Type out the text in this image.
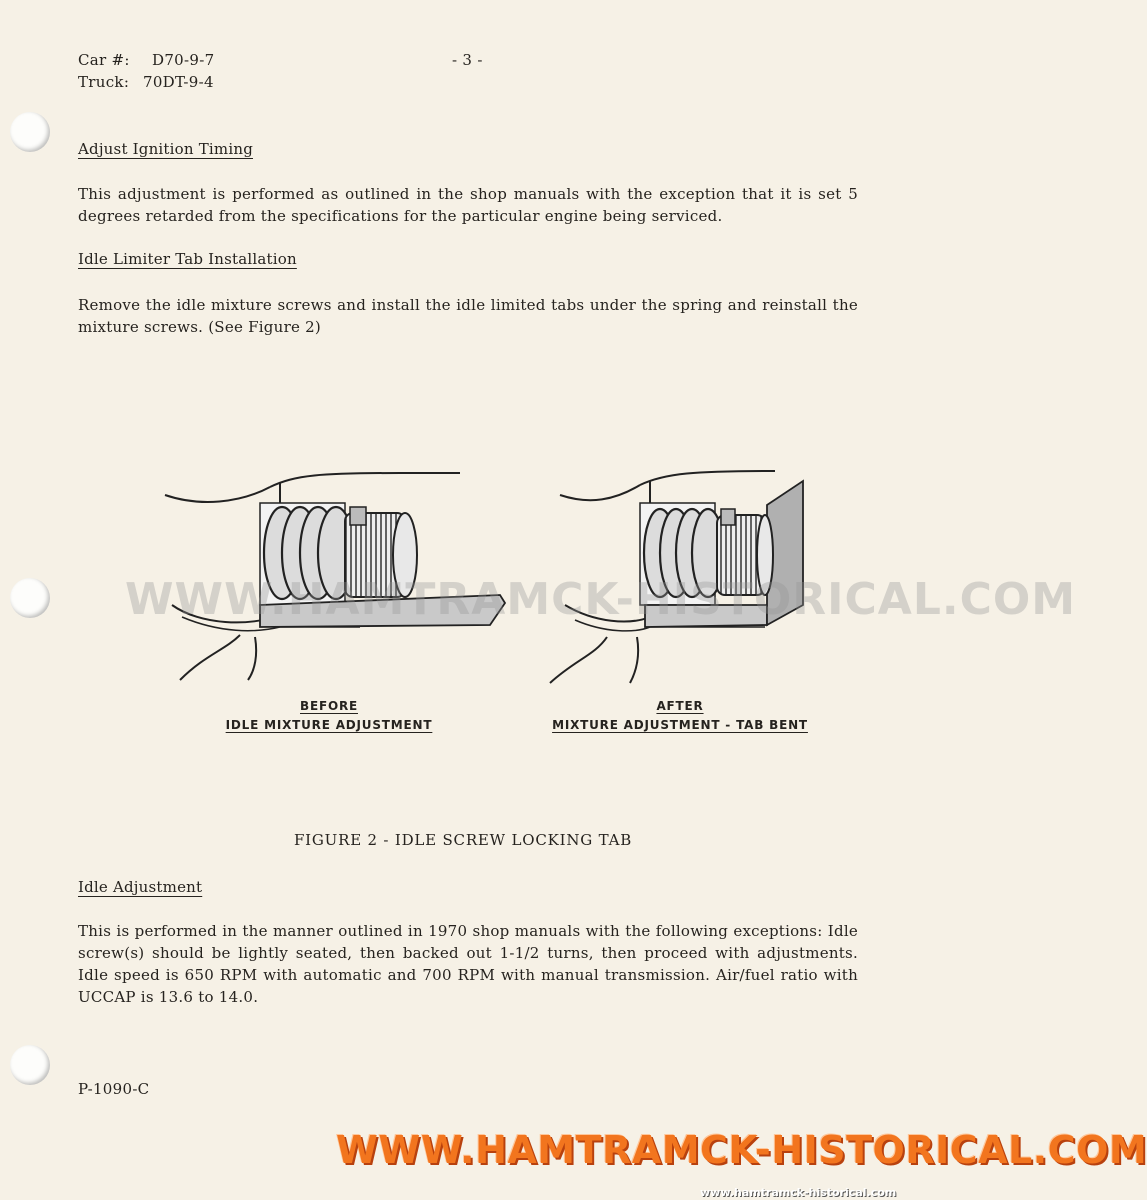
Car #: D70-9-7
Truck: 70DT-9-4
- 3 -
Adjust Ignition Timing
This adjustment is performed as outlined in the shop manuals with the exception that it is set 5 degrees retarded from the specifications for the particular engine being serviced.
Idle Limiter Tab Installation
Remove the idle mixture screws and install the idle limited tabs under the spring and reinstall the mixture screws. (See Figure 2)
BEFORE
IDLE MIXTURE ADJUSTMENT
AFTER
MIXTURE ADJUSTMENT - TAB BENT
FIGURE 2 - IDLE SCREW LOCKING TAB
Idle Adjustment
This is performed in the manner outlined in 1970 shop manuals with the following exceptions: Idle screw(s) should be lightly seated, then backed out 1-1/2 turns, then proceed with adjustments. Idle speed is 650 RPM with automatic and 700 RPM with manual transmission. Air/fuel ratio with UCCAP is 13.6 to 14.0.
P-1090-C
WWW.HAMTRAMCK-HISTORICAL.COM
WWW.HAMTRAMCK-HISTORICAL.COM
www.hamtramck-historical.com
